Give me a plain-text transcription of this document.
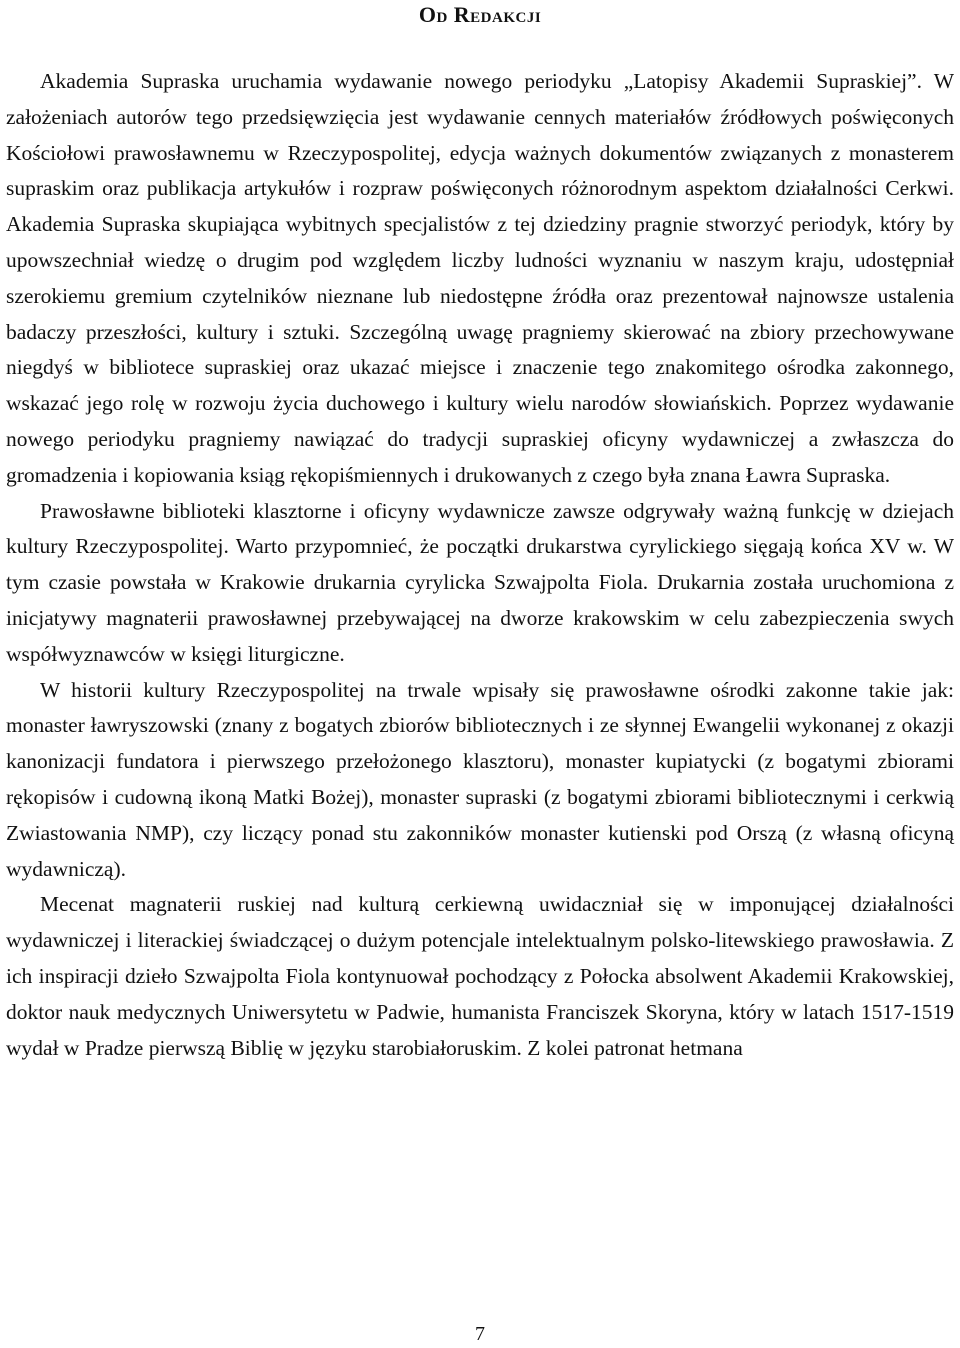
Od Redakcji

Akademia Supraska uruchamia wydawanie nowego periodyku „Latopisy Akademii Supraskiej”. W założeniach autorów tego przedsięwzięcia jest wydawanie cennych materiałów źródłowych poświęconych Kościołowi prawosławnemu w Rzeczypospolitej, edycja ważnych dokumentów związanych z monasterem supraskim oraz publikacja artykułów i rozpraw poświęconych różnorodnym aspektom działalności Cerkwi. Akademia Supraska skupiająca wybitnych specjalistów z tej dziedziny pragnie stworzyć periodyk, który by upowszechniał wiedzę o drugim pod względem liczby ludności wyznaniu w naszym kraju, udostępniał szerokiemu gremium czytelników nieznane lub niedostępne źródła oraz prezentował najnowsze ustalenia badaczy przeszłości, kultury i sztuki. Szczególną uwagę pragniemy skierować na zbiory przechowywane niegdyś w bibliotece supraskiej oraz ukazać miejsce i znaczenie tego znakomitego ośrodka zakonnego, wskazać jego rolę w rozwoju życia duchowego i kultury wielu narodów słowiańskich. Poprzez wydawanie nowego periodyku pragniemy nawiązać do tradycji supraskiej oficyny wydawniczej a zwłaszcza do gromadzenia i kopiowania ksiąg rękopiśmiennych i drukowanych z czego była znana Ławra Supraska.

Prawosławne biblioteki klasztorne i oficyny wydawnicze zawsze odgrywały ważną funkcję w dziejach kultury Rzeczypospolitej. Warto przypomnieć, że początki drukarstwa cyrylickiego sięgają końca XV w. W tym czasie powstała w Krakowie drukarnia cyrylicka Szwajpolta Fiola. Drukarnia została uruchomiona z inicjatywy magnaterii prawosławnej przebywającej na dworze krakowskim w celu zabezpieczenia swych współwyznawców w księgi liturgiczne.

W historii kultury Rzeczypospolitej na trwale wpisały się prawosławne ośrodki zakonne takie jak: monaster ławryszowski (znany z bogatych zbiorów bibliotecznych i ze słynnej Ewangelii wykonanej z okazji kanonizacji fundatora i pierwszego przełożonego klasztoru), monaster kupiatycki (z bogatymi zbiorami rękopisów i cudowną ikoną Matki Bożej), monaster supraski (z bogatymi zbiorami bibliotecznymi i cerkwią Zwiastowania NMP), czy liczący ponad stu zakonników monaster kutienski pod Orszą (z własną oficyną wydawniczą).

Mecenat magnaterii ruskiej nad kulturą cerkiewną uwidaczniał się w imponującej działalności wydawniczej i literackiej świadczącej o dużym potencjale intelektualnym polsko-litewskiego prawosławia. Z ich inspiracji dzieło Szwajpolta Fiola kontynuował pochodzący z Połocka absolwent Akademii Krakowskiej, doktor nauk medycznych Uniwersytetu w Padwie, humanista Franciszek Skoryna, który w latach 1517-1519 wydał w Pradze pierwszą Biblię w języku starobiałoruskim. Z kolei patronat hetmana

7
